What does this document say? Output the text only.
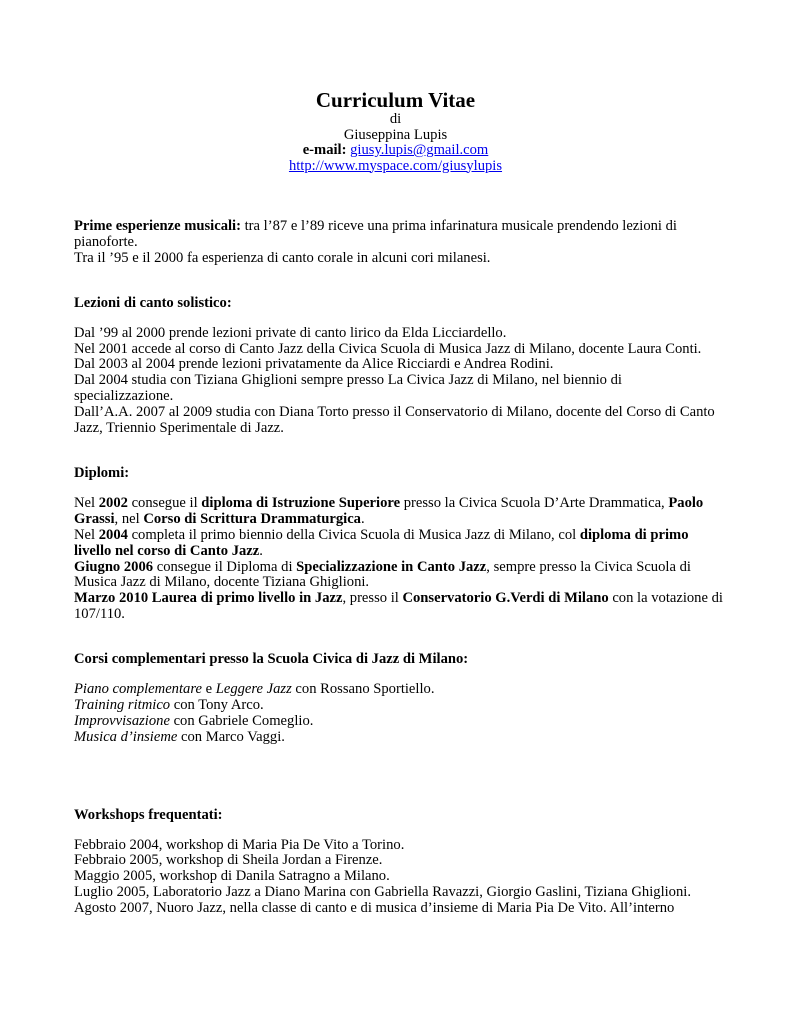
Curriculum Vitae
di
Giuseppina Lupis
e-mail: giusy.lupis@gmail.com
http://www.myspace.com/giusylupis
Prime esperienze musicali: tra l’87 e l’89 riceve una prima infarinatura musicale prendendo lezioni di pianoforte.
Tra il ’95 e il 2000 fa esperienza di canto corale in alcuni cori milanesi.
Lezioni di canto solistico:
Dal ’99 al 2000 prende lezioni private di canto lirico da Elda Licciardello.
Nel 2001 accede al corso di Canto Jazz della Civica Scuola di Musica Jazz di Milano, docente Laura Conti.
Dal 2003 al 2004 prende lezioni privatamente da Alice Ricciardi e Andrea Rodini.
Dal 2004 studia con Tiziana Ghiglioni sempre presso La Civica Jazz di Milano, nel biennio di specializzazione.
Dall’A.A. 2007 al 2009 studia con Diana Torto presso il Conservatorio di Milano, docente del Corso di Canto Jazz, Triennio Sperimentale di Jazz.
Diplomi:
Nel 2002 consegue il diploma di Istruzione Superiore presso la Civica Scuola D’Arte Drammatica, Paolo Grassi, nel Corso di Scrittura Drammaturgica.
Nel 2004 completa il primo biennio della Civica Scuola di Musica Jazz di Milano, col diploma di primo livello nel corso di Canto Jazz.
Giugno 2006 consegue il Diploma di Specializzazione in Canto Jazz, sempre presso la Civica Scuola di Musica Jazz di Milano, docente Tiziana Ghiglioni.
Marzo 2010 Laurea di primo livello in Jazz, presso il Conservatorio G.Verdi di Milano con la votazione di 107/110.
Corsi complementari presso la Scuola Civica di Jazz di Milano:
Piano complementare e Leggere Jazz con Rossano Sportiello.
Training ritmico con Tony Arco.
Improvvisazione con Gabriele Comeglio.
Musica d’insieme con Marco Vaggi.
Workshops frequentati:
Febbraio 2004, workshop di Maria Pia De Vito a Torino.
Febbraio 2005, workshop di Sheila Jordan a Firenze.
Maggio 2005, workshop di Danila Satragno a Milano.
Luglio 2005, Laboratorio Jazz a Diano Marina con Gabriella Ravazzi, Giorgio Gaslini, Tiziana Ghiglioni.
Agosto 2007, Nuoro Jazz, nella classe di canto e di musica d’insieme di Maria Pia De Vito. All’interno
